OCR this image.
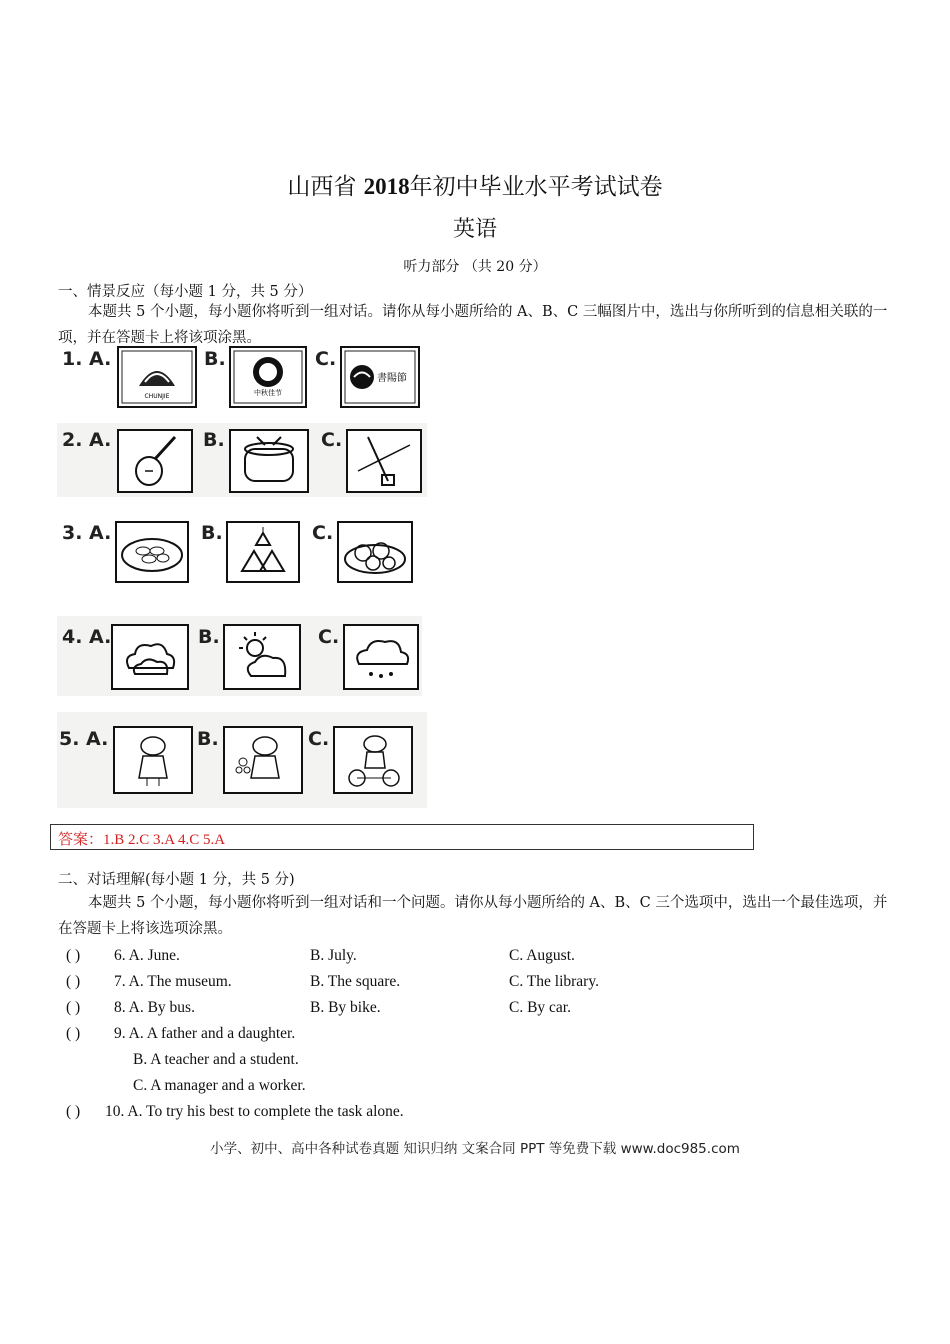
山西省 2018年初中毕业水平考试试卷
英语
听力部分 （共 20 分）
一、情景反应（每小题 1 分，共 5 分）
本题共 5 个小题，每小题你将听到一组对话。请你从每小题所给的 A、B、C 三幅图片中，选出与你所听到的信息相关联的一项，并在答题卡上将该项涂黑。
1. A.
CHUNJIE
B.
中秋佳节
C.
書陽節
2. A.	B.	C.
3. A.	B.	C.
4. A.	B.	C.
5. A.	B.	C.
答案：1.B 2.C 3.A 4.C 5.A
二、对话理解(每小题 1 分，共 5 分)
本题共 5 个小题，每小题你将听到一组对话和一个问题。请你从每小题所给的 A、B、C 三个选项中，选出一个最佳选项，并在答题卡上将该选项涂黑。
( ) 6. A. June.	B. July.	C. August.
( ) 7. A. The museum.	B. The square.	C. The library.
( ) 8. A. By bus.	B. By bike.	C. By car.
( ) 9. A. A father and a daughter.
B. A teacher and a student.
C. A manager and a worker.
( ) 10. A. To try his best to complete the task alone.
小学、初中、高中各种试卷真题 知识归纳 文案合同 PPT 等免费下载 www.doc985.com
